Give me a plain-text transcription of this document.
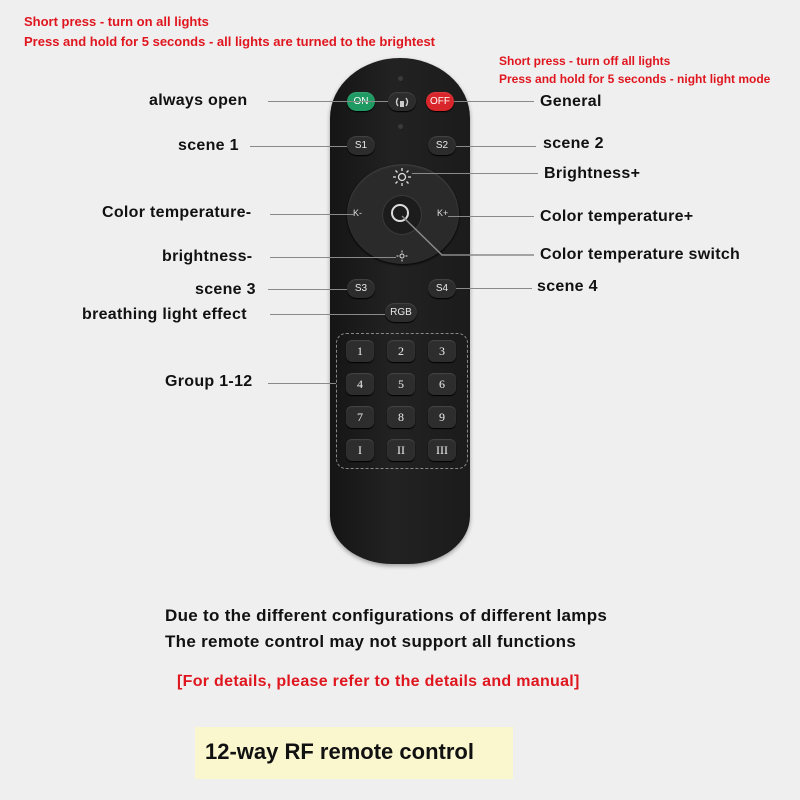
Short press - turn on all lights
Press and hold for 5 seconds - all lights are turned to the brightest
Short press - turn off all lights
Press and hold for 5 seconds - night light mode
ON	OFF
S1	S2
K-	K+
S3	S4
RGB
1	2	3
4	5	6
7	8	9
I	II	III
always open
scene 1
Color temperature-
brightness-
scene 3
breathing light effect
Group 1-12
General
scene 2
Brightness+
Color temperature+
Color temperature switch
scene 4
Due to the different configurations of different lamps
The remote control may not support all functions
[For details, please refer to the details and manual]
12-way RF remote control
